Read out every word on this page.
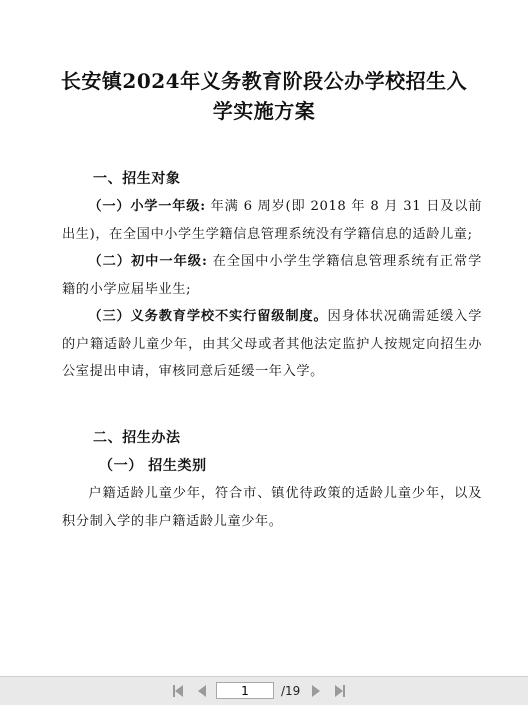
长安镇2024年义务教育阶段公办学校招生入
学实施方案
一、招生对象

（一）小学一年级: 年满 6 周岁(即 2018 年 8 月 31 日及以前出生)，在全国中小学生学籍信息管理系统没有学籍信息的适龄儿童;

（二）初中一年级: 在全国中小学生学籍信息管理系统有正常学籍的小学应届毕业生;

（三）义务教育学校不实行留级制度。因身体状况确需延缓入学的户籍适龄儿童少年，由其父母或者其他法定监护人按规定向招生办公室提出申请，审核同意后延缓一年入学。

二、招生办法
（一） 招生类别

户籍适龄儿童少年，符合市、镇优待政策的适龄儿童少年，以及积分制入学的非户籍适龄儿童少年。

1
/19
